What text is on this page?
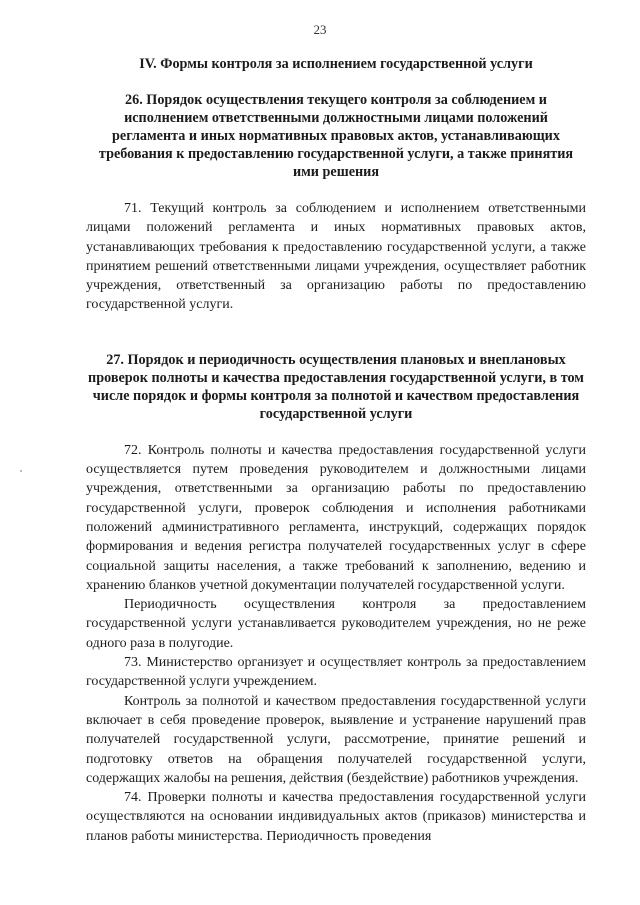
23
IV. Формы контроля за исполнением государственной услуги
26. Порядок осуществления текущего контроля за соблюдением и исполнением ответственными должностными лицами положений регламента и иных нормативных правовых актов, устанавливающих требования к предоставлению государственной услуги, а также принятия ими решения

71. Текущий контроль за соблюдением и исполнением ответственными лицами положений регламента и иных нормативных правовых актов, устанавливающих требования к предоставлению государственной услуги, а также принятием решений ответственными лицами учреждения, осуществляет работник учреждения, ответственный за организацию работы по предоставлению государственной услуги.

27. Порядок и периодичность осуществления плановых и внеплановых проверок полноты и качества предоставления государственной услуги, в том числе порядок и формы контроля за полнотой и качеством предоставления государственной услуги

72. Контроль полноты и качества предоставления государственной услуги осуществляется путем проведения руководителем и должностными лицами учреждения, ответственными за организацию работы по предоставлению государственной услуги, проверок соблюдения и исполнения работниками положений административного регламента, инструкций, содержащих порядок формирования и ведения регистра получателей государственных услуг в сфере социальной защиты населения, а также требований к заполнению, ведению и хранению бланков учетной документации получателей государственной услуги.

Периодичность осуществления контроля за предоставлением государственной услуги устанавливается руководителем учреждения, но не реже одного раза в полугодие.

73. Министерство организует и осуществляет контроль за предоставлением государственной услуги учреждением.

Контроль за полнотой и качеством предоставления государственной услуги включает в себя проведение проверок, выявление и устранение нарушений прав получателей государственной услуги, рассмотрение, принятие решений и подготовку ответов на обращения получателей государственной услуги, содержащих жалобы на решения, действия (бездействие) работников учреждения.

74. Проверки полноты и качества предоставления государственной услуги осуществляются на основании индивидуальных актов (приказов) министерства и планов работы министерства. Периодичность проведения
